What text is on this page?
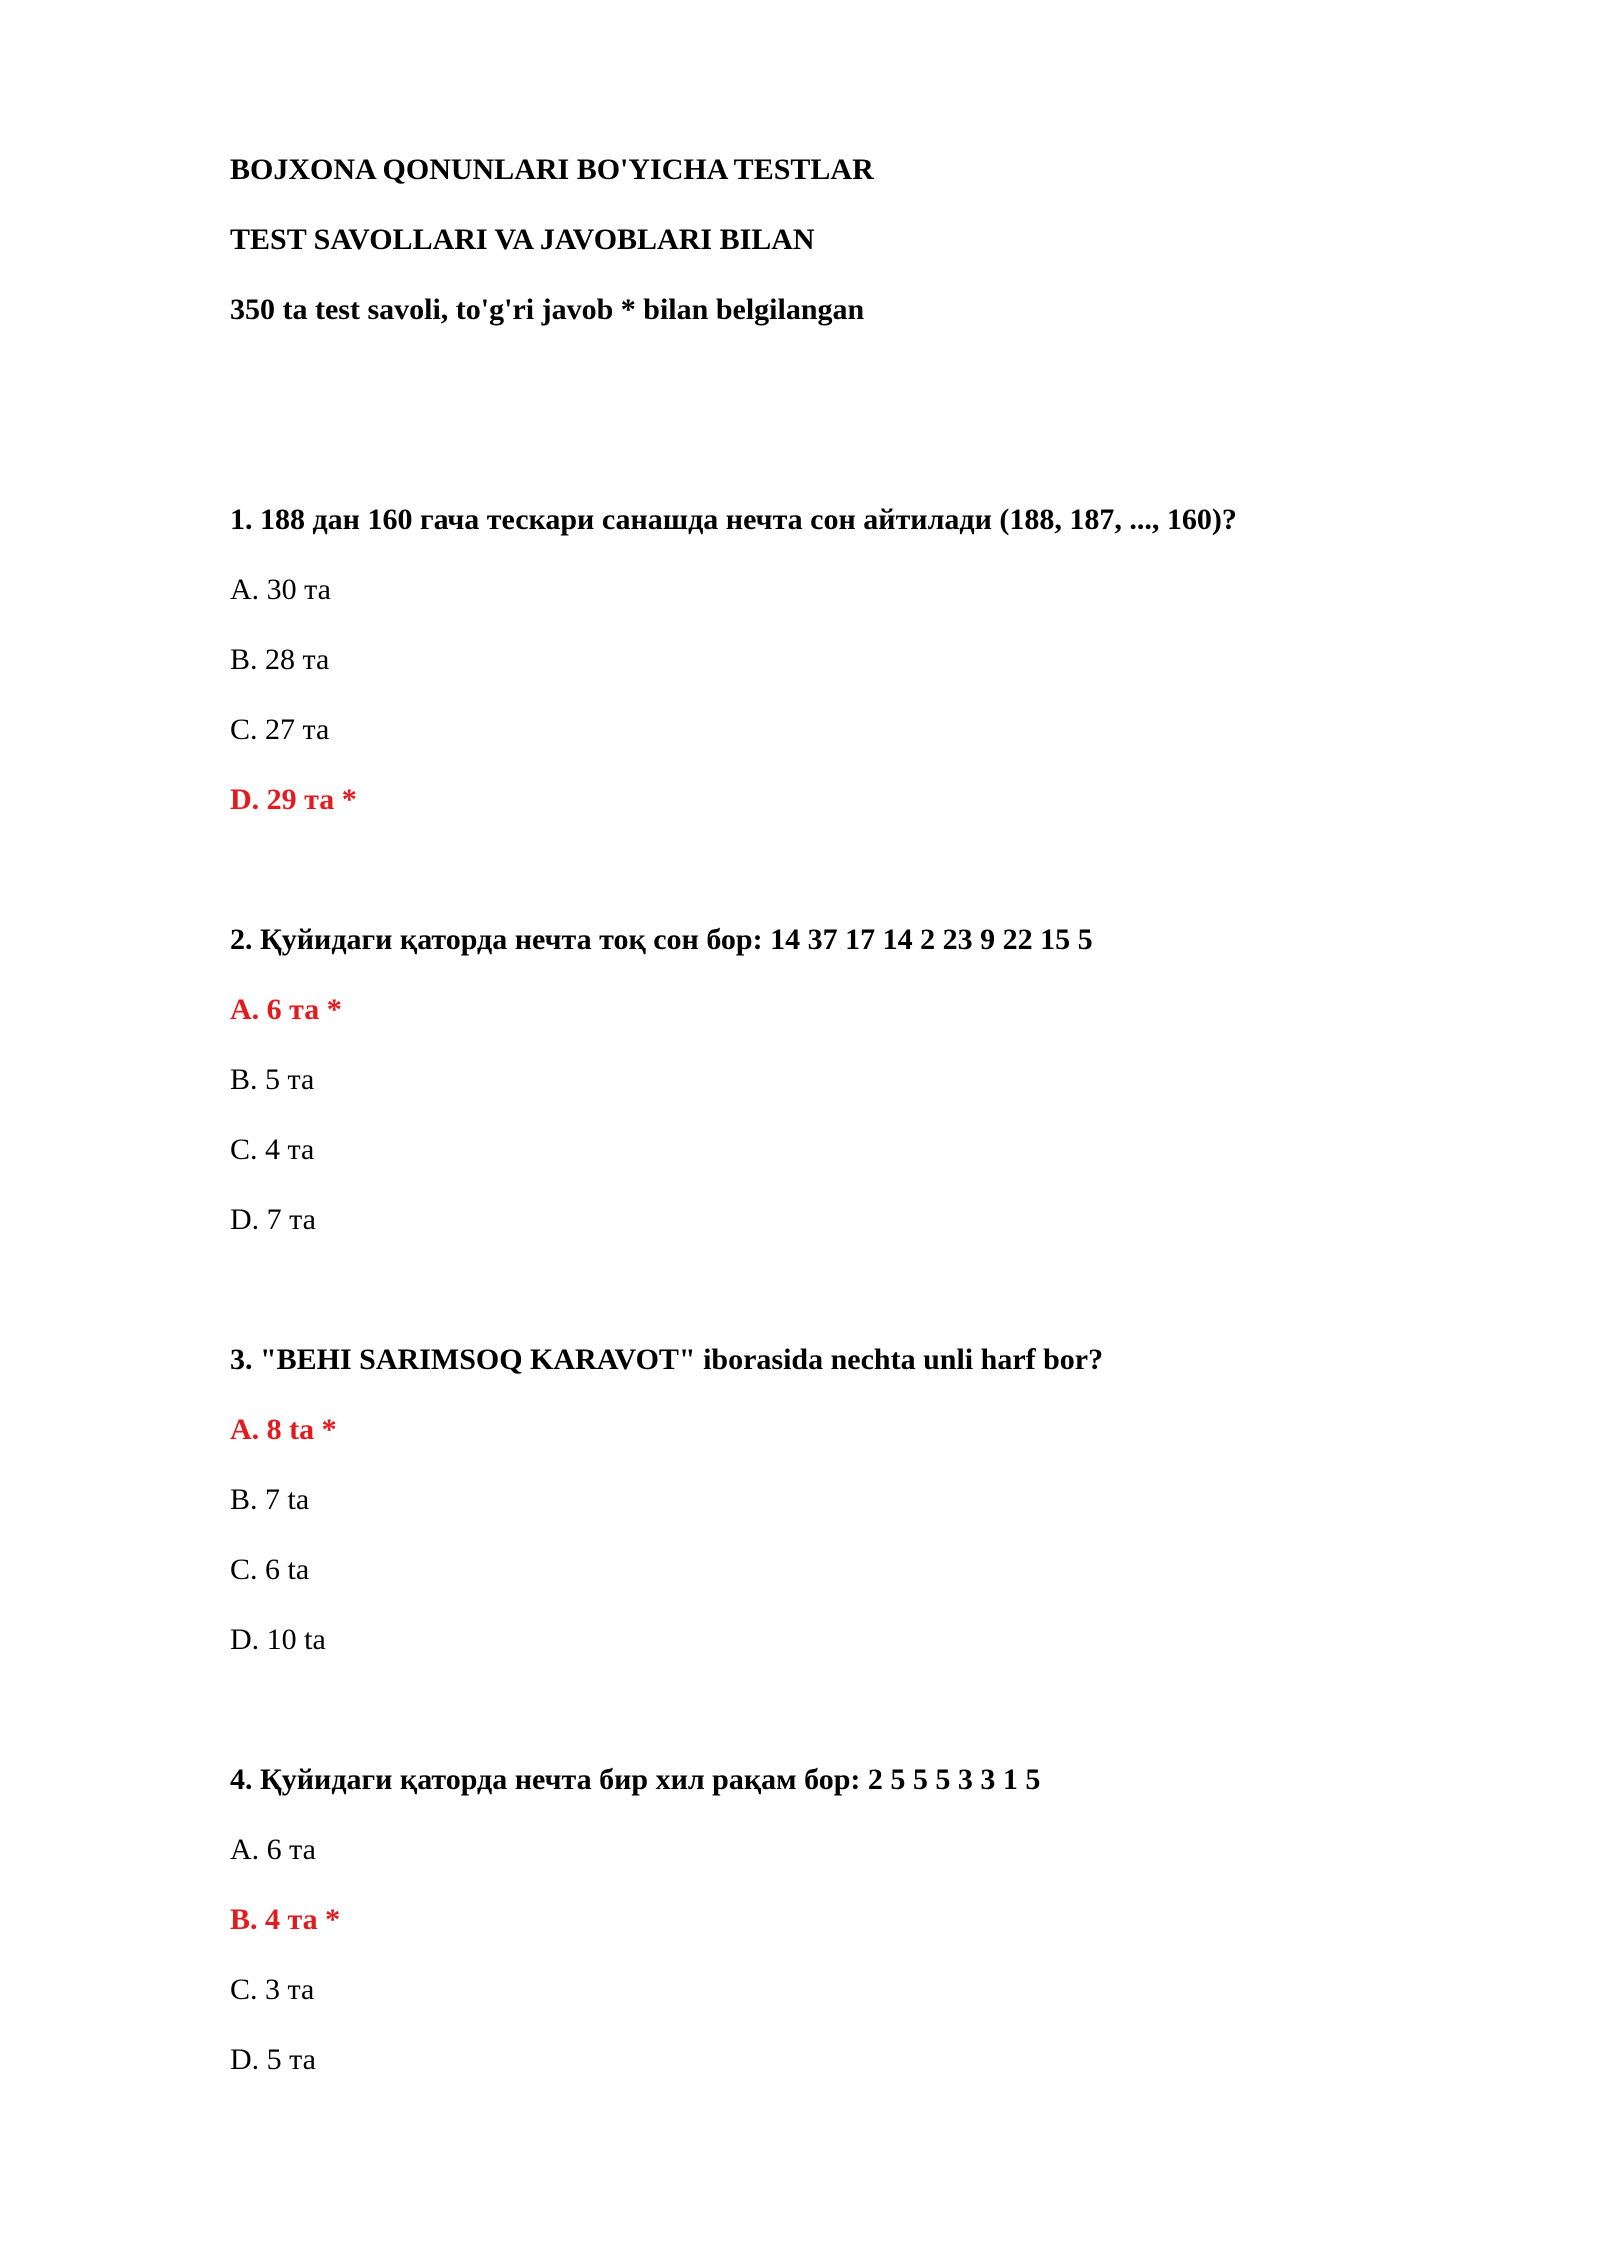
BOJXONA QONUNLARI BO'YICHA TESTLAR

TEST SAVOLLARI VA JAVOBLARI BILAN

350 ta test savoli, to'g'ri javob * bilan belgilangan

1. 188 дан 160 гача тескари санашда нечта сон айтилади (188, 187, ..., 160)?

A. 30 та

B. 28 та

C. 27 та

D. 29 та *

2. Қуйидаги қаторда нечта тоқ сон бор: 14 37 17 14 2 23 9 22 15 5

A. 6 та *

B. 5 та

C. 4 та

D. 7 та

3. "BEHI SARIMSOQ KARAVOT" iborasida nechta unli harf bor?

A. 8 ta *

B. 7 ta

C. 6 ta

D. 10 ta

4. Қуйидаги қаторда нечта бир хил рақам бор: 2 5 5 5 3 3 1 5

A. 6 та

B. 4 та *

C. 3 та

D. 5 та
